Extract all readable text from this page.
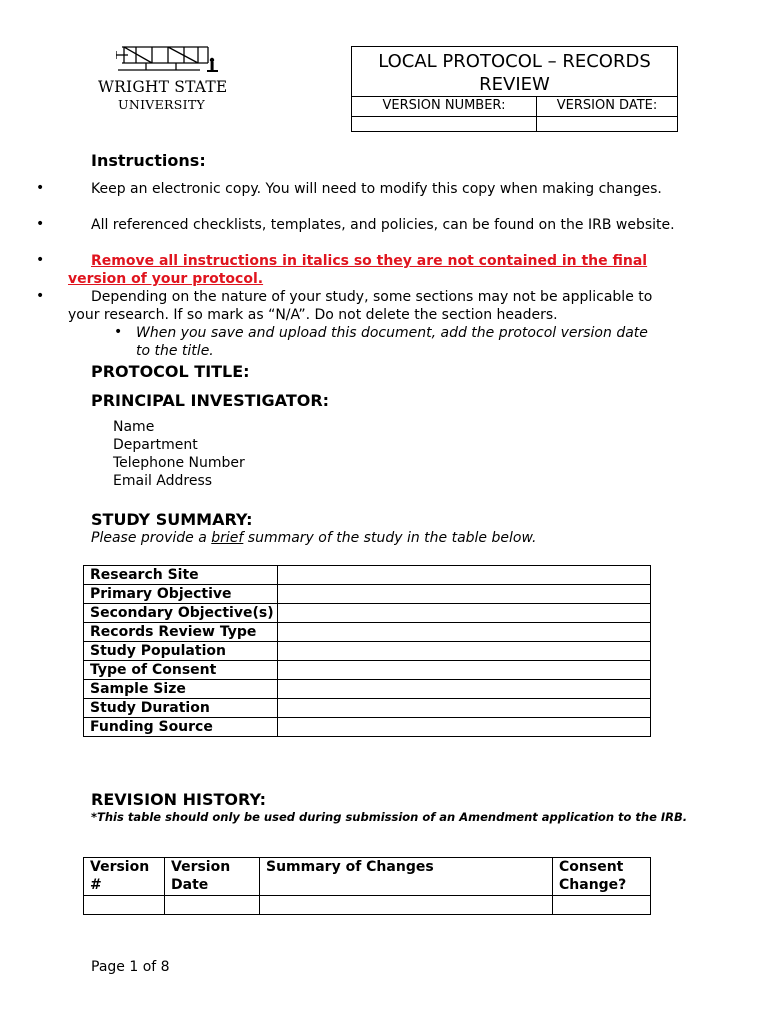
WRIGHT STATE
UNIVERSITY
LOCAL PROTOCOL – RECORDS REVIEW
VERSION NUMBER:	VERSION DATE:
Instructions:
•	Keep an electronic copy. You will need to modify this copy when making changes.
•	All referenced checklists, templates, and policies, can be found on the IRB website.
•	Remove all instructions in italics so they are not contained in the final version of your protocol.
•	Depending on the nature of your study, some sections may not be applicable to your research. If so mark as “N/A”. Do not delete the section headers.
• When you save and upload this document, add the protocol version date to the title.
PROTOCOL TITLE:
PRINCIPAL INVESTIGATOR:
Name
Department
Telephone Number
Email Address
STUDY SUMMARY:
Please provide a brief summary of the study in the table below.
Research Site	
Primary Objective	
Secondary Objective(s)	
Records Review Type	
Study Population	
Type of Consent	
Sample Size	
Study Duration	
Funding Source	
REVISION HISTORY:
*This table should only be used during submission of an Amendment application to the IRB.
Version #	Version Date	Summary of Changes	Consent Change?

Page 1 of 8
